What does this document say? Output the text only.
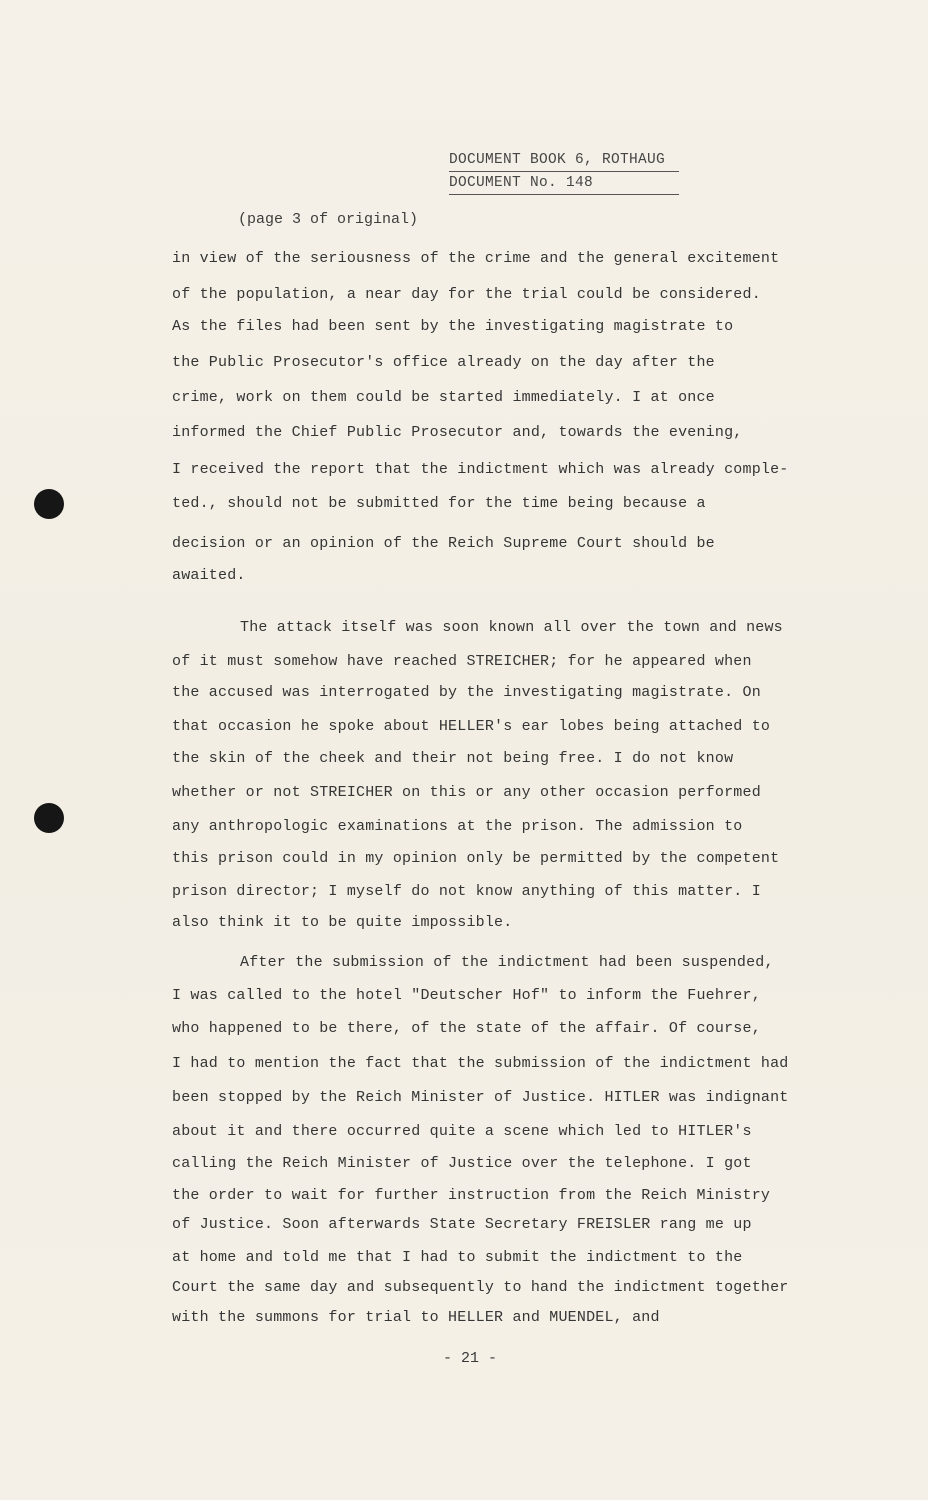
DOCUMENT BOOK 6, ROTHAUG
DOCUMENT No. 148
(page 3 of original)
in view of the seriousness of the crime and the general excitement
of the population, a near day for the trial could be considered.
As the files had been sent by the investigating magistrate to
the Public Prosecutor's office already on the day after the
crime, work on them could be started immediately. I at once
informed the Chief Public Prosecutor and, towards the evening,
I received the report that the indictment which was already comple-
ted., should not be submitted for the time being because a
decision or an opinion of the Reich Supreme Court should be
awaited.
The attack itself was soon known all over the town and news
of it must somehow have reached STREICHER; for he appeared when
the accused was interrogated by the investigating magistrate. On
that occasion he spoke about HELLER's ear lobes being attached to
the skin of the cheek and their not being free. I do not know
whether or not STREICHER on this or any other occasion performed
any anthropologic examinations at the prison. The admission to
this prison could in my opinion only be permitted by the competent
prison director; I myself do not know anything of this matter. I
also think it to be quite impossible.
After the submission of the indictment had been suspended,
I was called to the hotel "Deutscher Hof" to inform the Fuehrer,
who happened to be there, of the state of the affair. Of course,
I had to mention the fact that the submission of the indictment had
been stopped by the Reich Minister of Justice. HITLER was indignant
about it and there occurred quite a scene which led to HITLER's
calling the Reich Minister of Justice over the telephone. I got
the order to wait for further instruction from the Reich Ministry
of Justice. Soon afterwards State Secretary FREISLER rang me up
at home and told me that I had to submit the indictment to the
Court the same day and subsequently to hand the indictment together
with the summons for trial to HELLER and MUENDEL, and
- 21 -
